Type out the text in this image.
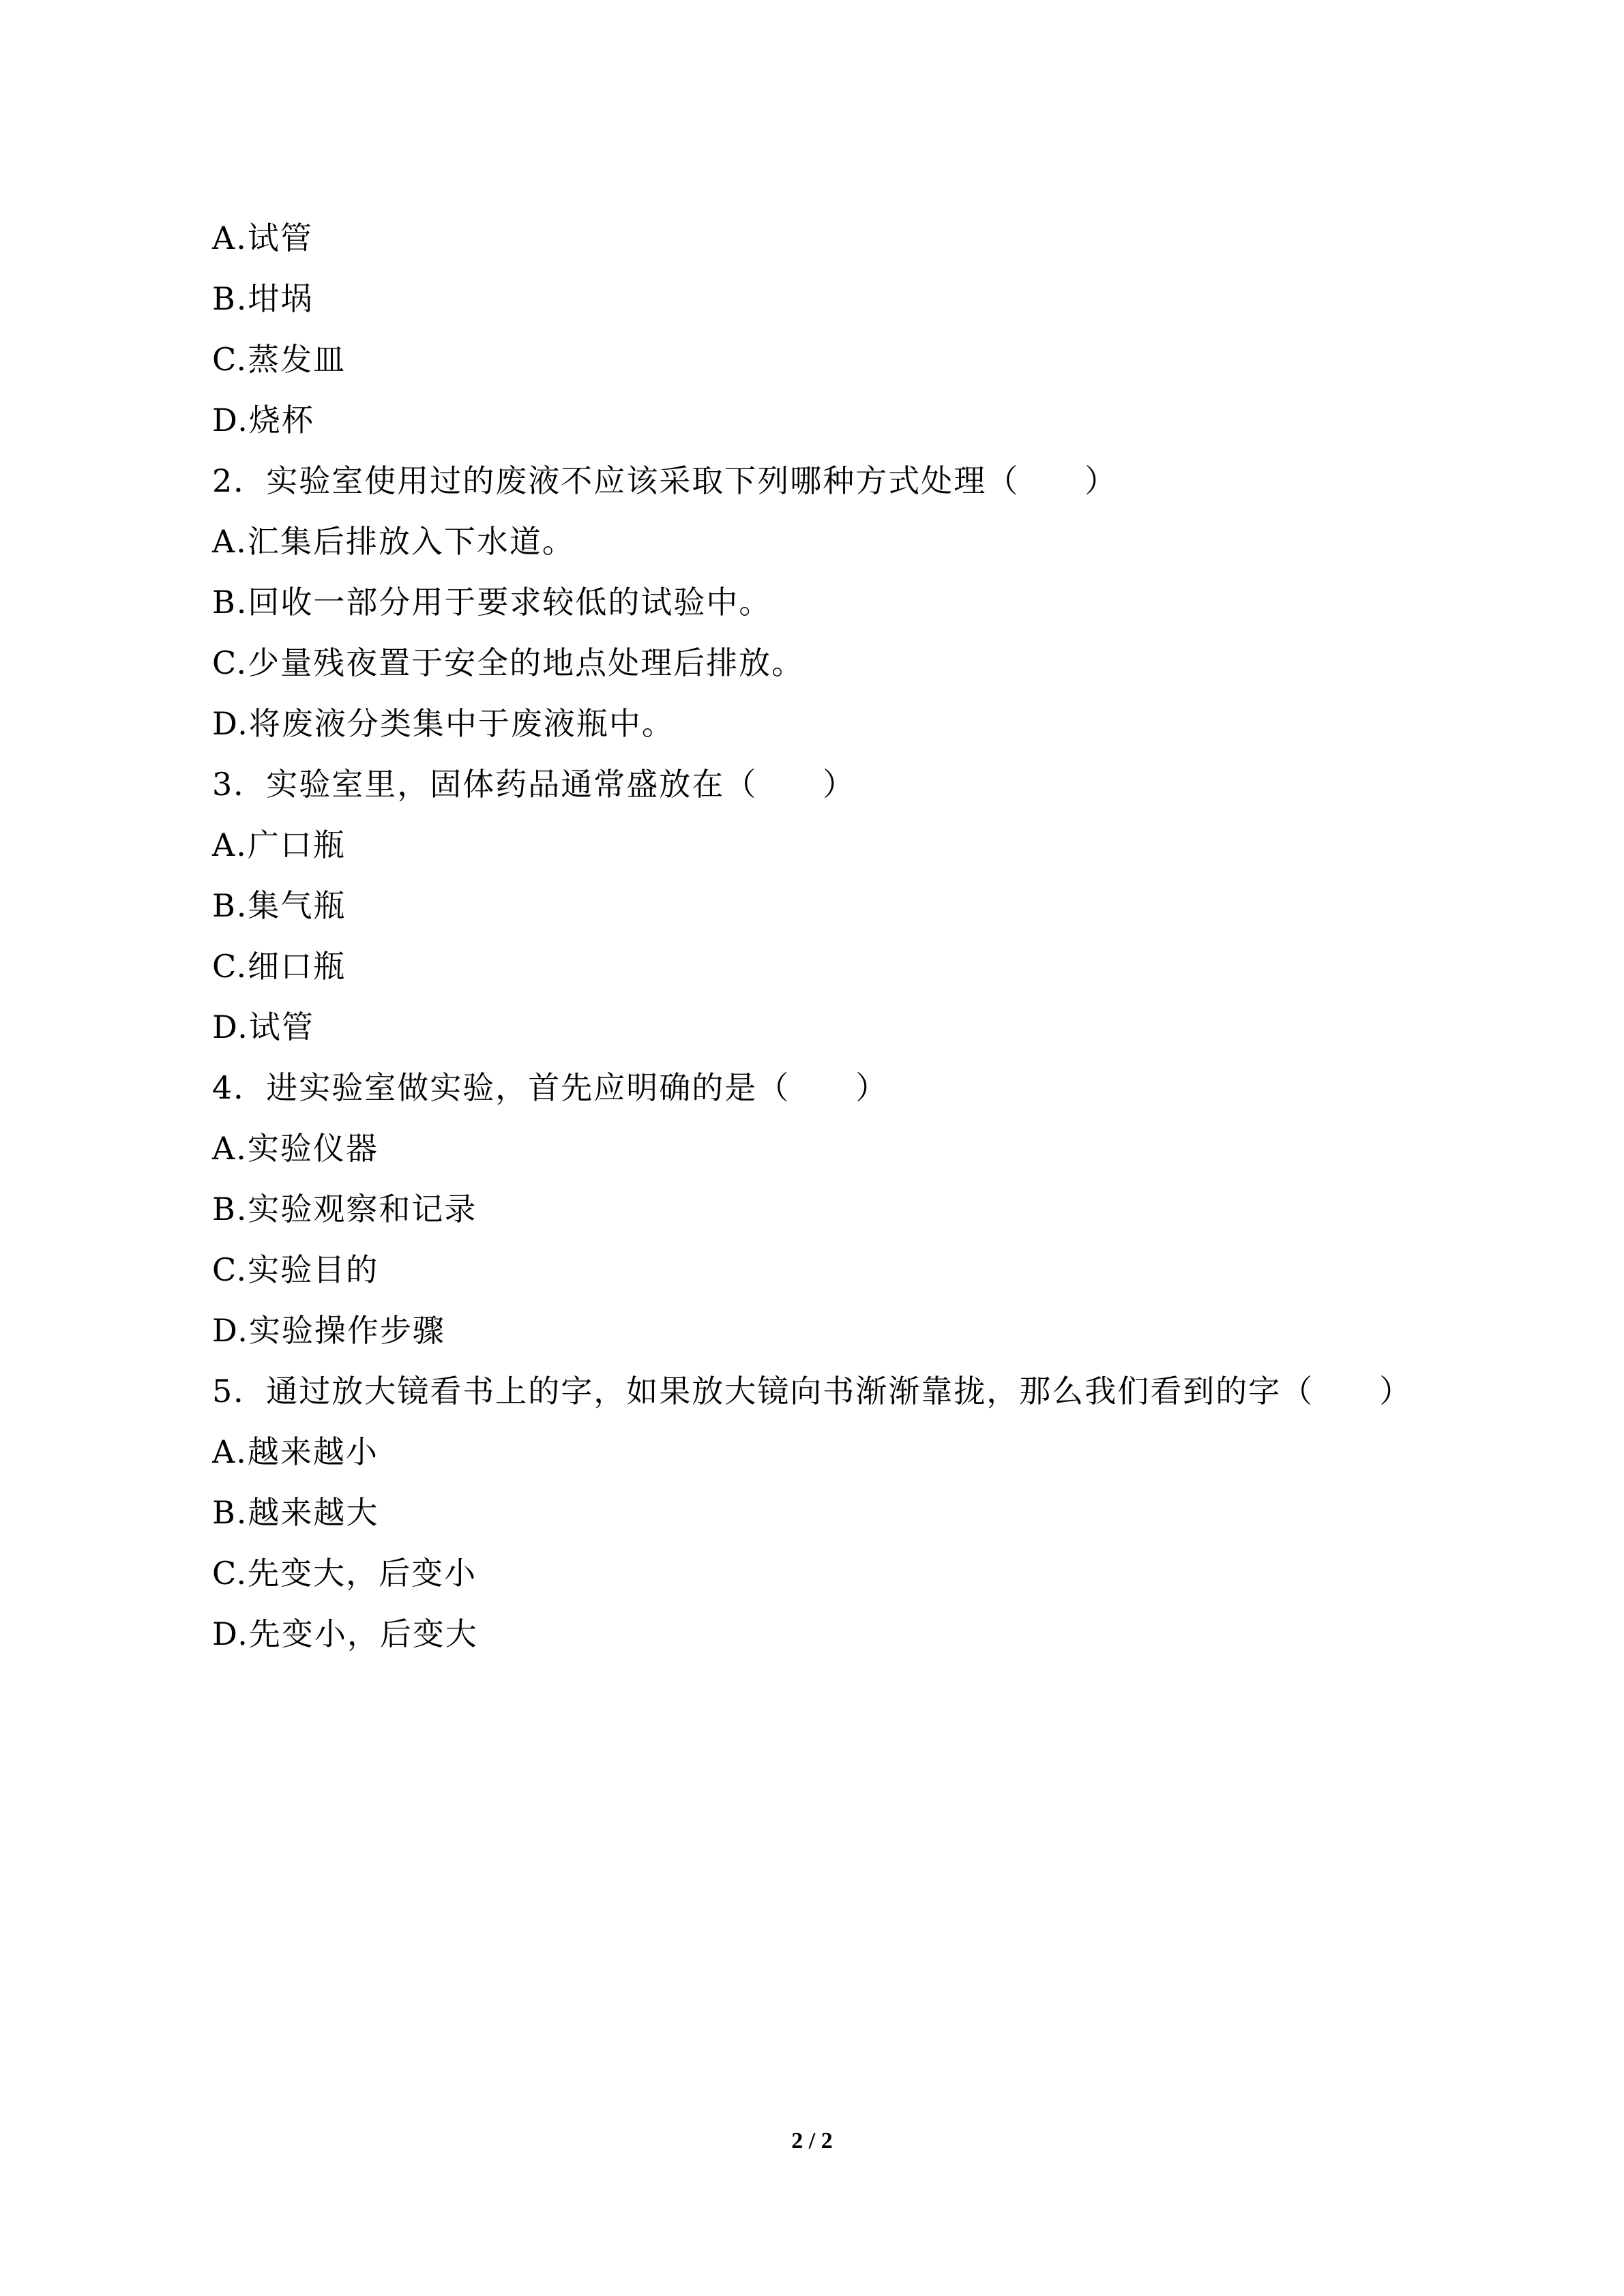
A.试管
B.坩埚
C.蒸发皿
D.烧杯
2．实验室使用过的废液不应该采取下列哪种方式处理（　　）
A.汇集后排放入下水道。
B.回收一部分用于要求较低的试验中。
C.少量残夜置于安全的地点处理后排放。
D.将废液分类集中于废液瓶中。
3．实验室里，固体药品通常盛放在（　　）
A.广口瓶
B.集气瓶
C.细口瓶
D.试管
4．进实验室做实验，首先应明确的是（　　）
A.实验仪器
B.实验观察和记录
C.实验目的
D.实验操作步骤
5．通过放大镜看书上的字，如果放大镜向书渐渐靠拢，那么我们看到的字（　　）
A.越来越小
B.越来越大
C.先变大，后变小
D.先变小，后变大
2 / 2
